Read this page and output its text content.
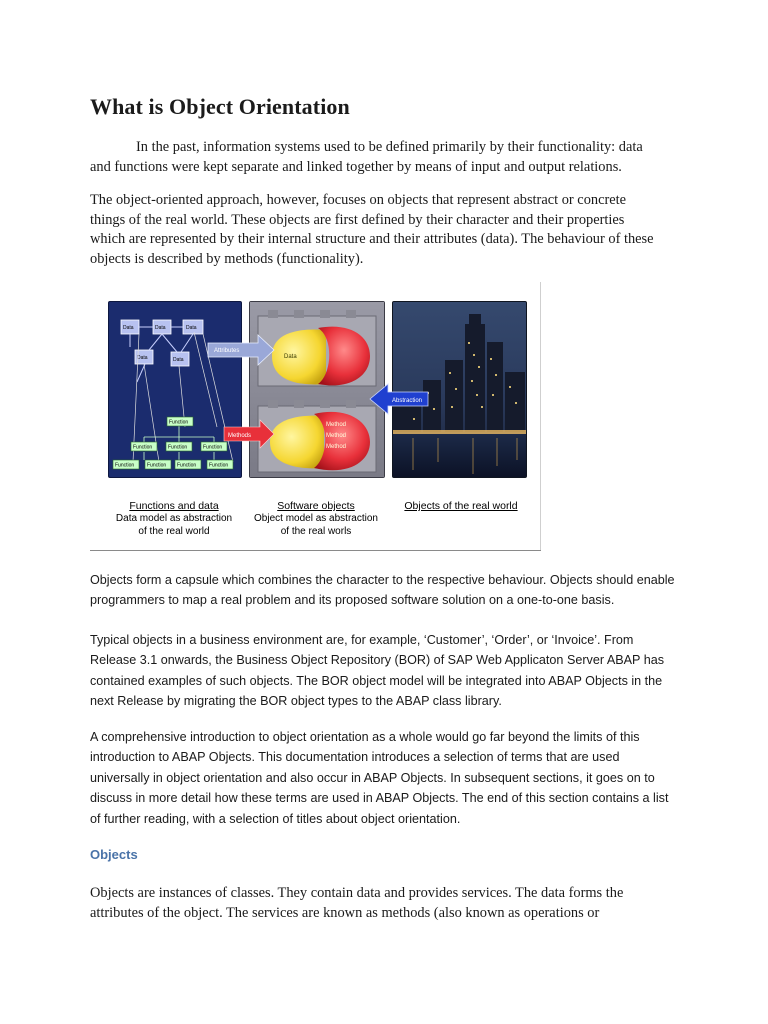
What is Object Orientation
In the past, information systems used to be defined primarily by their functionality: data and functions were kept separate and linked together by means of input and output relations.
The object-oriented approach, however, focuses on objects that represent abstract or concrete things of the real world. These objects are first defined by their character and their properties which are represented by their internal structure and their attributes (data). The behaviour of these objects is described by methods (functionality).
Data	Data	Data
Data	Data
Function
Function	Function	Function
Function	Function Function	Function
Data
Method
Method
Method
Attributes
Methods
Abstraction
Functions and data
Data model as abstraction
of the real world
Software objects
Object model as abstraction
of the real worls
Objects of the real world
Objects form a capsule which combines the character to the respective behaviour. Objects should enable programmers to map a real problem and its proposed software solution on a one-to-one basis.
Typical objects in a business environment are, for example, ‘Customer’, ‘Order’, or ‘Invoice’. From Release 3.1 onwards, the Business Object Repository (BOR) of SAP Web Applicaton Server ABAP has contained examples of such objects. The BOR object model will be integrated into ABAP Objects in the next Release by migrating the BOR object types to the ABAP class library.
A comprehensive introduction to object orientation as a whole would go far beyond the limits of this introduction to ABAP Objects. This documentation introduces a selection of terms that are used universally in object orientation and also occur in ABAP Objects. In subsequent sections, it goes on to discuss in more detail how these terms are used in ABAP Objects. The end of this section contains a list of further reading, with a selection of titles about object orientation.
Objects
Objects are instances of classes. They contain data and provides services. The data forms the attributes of the object. The services are known as methods (also known as operations or
